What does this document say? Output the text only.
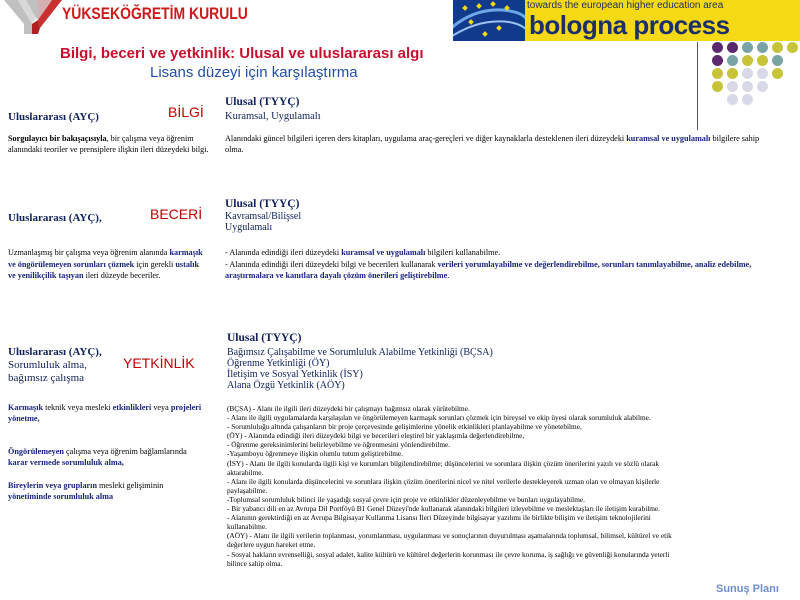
YÜKSEKÖĞRETİM KURULU	towards the european higher education area
bologna process
Bilgi, beceri ve yetkinlik: Ulusal ve uluslararası algı
Lisans düzeyi için karşılaştırma
Uluslararası (AYÇ)	BİLGİ
Ulusal (TYYÇ)
Kuramsal, Uygulamalı
Sorgulayıcı bir bakışaçısıyla, bir çalışma veya öğrenim alanındaki teoriler ve prensiplere ilişkin ileri düzeydeki bilgi.
Alanındaki güncel bilgileri içeren ders kitapları, uygulama araç-gereçleri ve diğer kaynaklarla desteklenen ileri düzeydeki kuramsal ve uygulamalı bilgilere sahip olma.
Uluslararası (AYÇ),	BECERİ
Ulusal (TYYÇ)
Kavramsal/Bilişsel
Uygulamalı
Uzmanlaşmış bir çalışma veya öğrenim alanında karmaşık ve öngörülemeyen sorunları çözmek için gerekli ustalık ve yenilikçilik taşıyan ileri düzeyde beceriler.
- Alanında edindiği ileri düzeydeki kuramsal ve uygulamalı bilgileri kullanabilme.
- Alanında edindiği ileri düzeydeki bilgi ve becerileri kullanarak verileri yorumlayabilme ve değerlendirebilme, sorunları tanımlayabilme, analiz edebilme, araştırmalara ve kanıtlara dayalı çözüm önerileri geliştirebilme.
Uluslararası (AYÇ),
Sorumluluk alma,
bağımsız çalışma
YETKİNLİK
Ulusal (TYYÇ)
Bağımsız Çalışabilme ve Sorumluluk Alabilme Yetkinliği (BÇSA)
Öğrenme Yetkinliği (ÖY)
İletişim ve Sosyal Yetkinlik (İSY)
Alana Özgü Yetkinlik (AÖY)
Karmaşık teknik veya mesleki etkinlikleri veya projeleri yönetme,
Öngörülemeyen çalışma veya öğrenim bağlamlarında karar vermede sorumluluk alma,
Bireylerin veya grupların mesleki gelişiminin yönetiminde sorumluluk alma
(BÇSA) - Alanı ile ilgili ileri düzeydeki bir çalışmayı bağımsız olarak yürütebilme.
- Alanı ile ilgili uygulamalarda karşılaşılan ve öngörülemeyen karmaşık sorunları çözmek için bireysel ve ekip üyesi olarak sorumluluk alabilme.
- Sorumluluğu altında çalışanların bir proje çerçevesinde gelişimlerine yönelik etkinlikleri planlayabilme ve yönetebilme,
(ÖY) - Alanında edindiği ileri düzeydeki bilgi ve becerileri eleştirel bir yaklaşımla değerlendirebilme,
- Öğrenme gereksinimlerini belirleyebilme ve öğrenmesini yönlendirebilme.
-Yaşamboyu öğrenmeye ilişkin olumlu tutum geliştirebilme.
(İSY) - Alanı ile ilgili konularda ilgili kişi ve kurumları bilgilendirebilme; düşüncelerini ve sorunlara ilişkin çözüm önerilerini yazılı ve sözlü olarak
aktarabilme.
- Alanı ile ilgili konularda düşüncelerini ve sorunlara ilişkin çözüm önerilerini nicel ve nitel verilerle destekleyerek uzman olan ve olmayan kişilerle
paylaşabilme.
-Toplumsal sorumluluk bilinci ile yaşadığı sosyal çevre için proje ve etkinlikler düzenleyebilme ve bunları uygulayabilme.
- Bir yabancı dili en az Avrupa Dil Portföyü B1 Genel Düzeyi'nde kullanarak alanındaki bilgileri izleyebilme ve meslektaşları ile iletişim kurabilme.
- Alanının gerektirdiği en az Avrupa Bilgisayar Kullanma Lisansı İleri Düzeyinde bilgisayar yazılımı ile birlikte bilişim ve iletişim teknolojilerini
kullanabilme.
(AÖY) - Alanı ile ilgili verilerin toplanması, yorumlanması, uygulanması ve sonuçlarının duyurulması aşamalarında toplumsal, bilimsel, kültürel ve etik
değerlere uygun hareket etme.
- Sosyal hakların evrenselliği, sosyal adalet, kalite kültürü ve kültürel değerlerin korunması ile çevre koruma, iş sağlığı ve güvenliği konularında yeterli
bilince sahip olma.
Sunuş Planı
